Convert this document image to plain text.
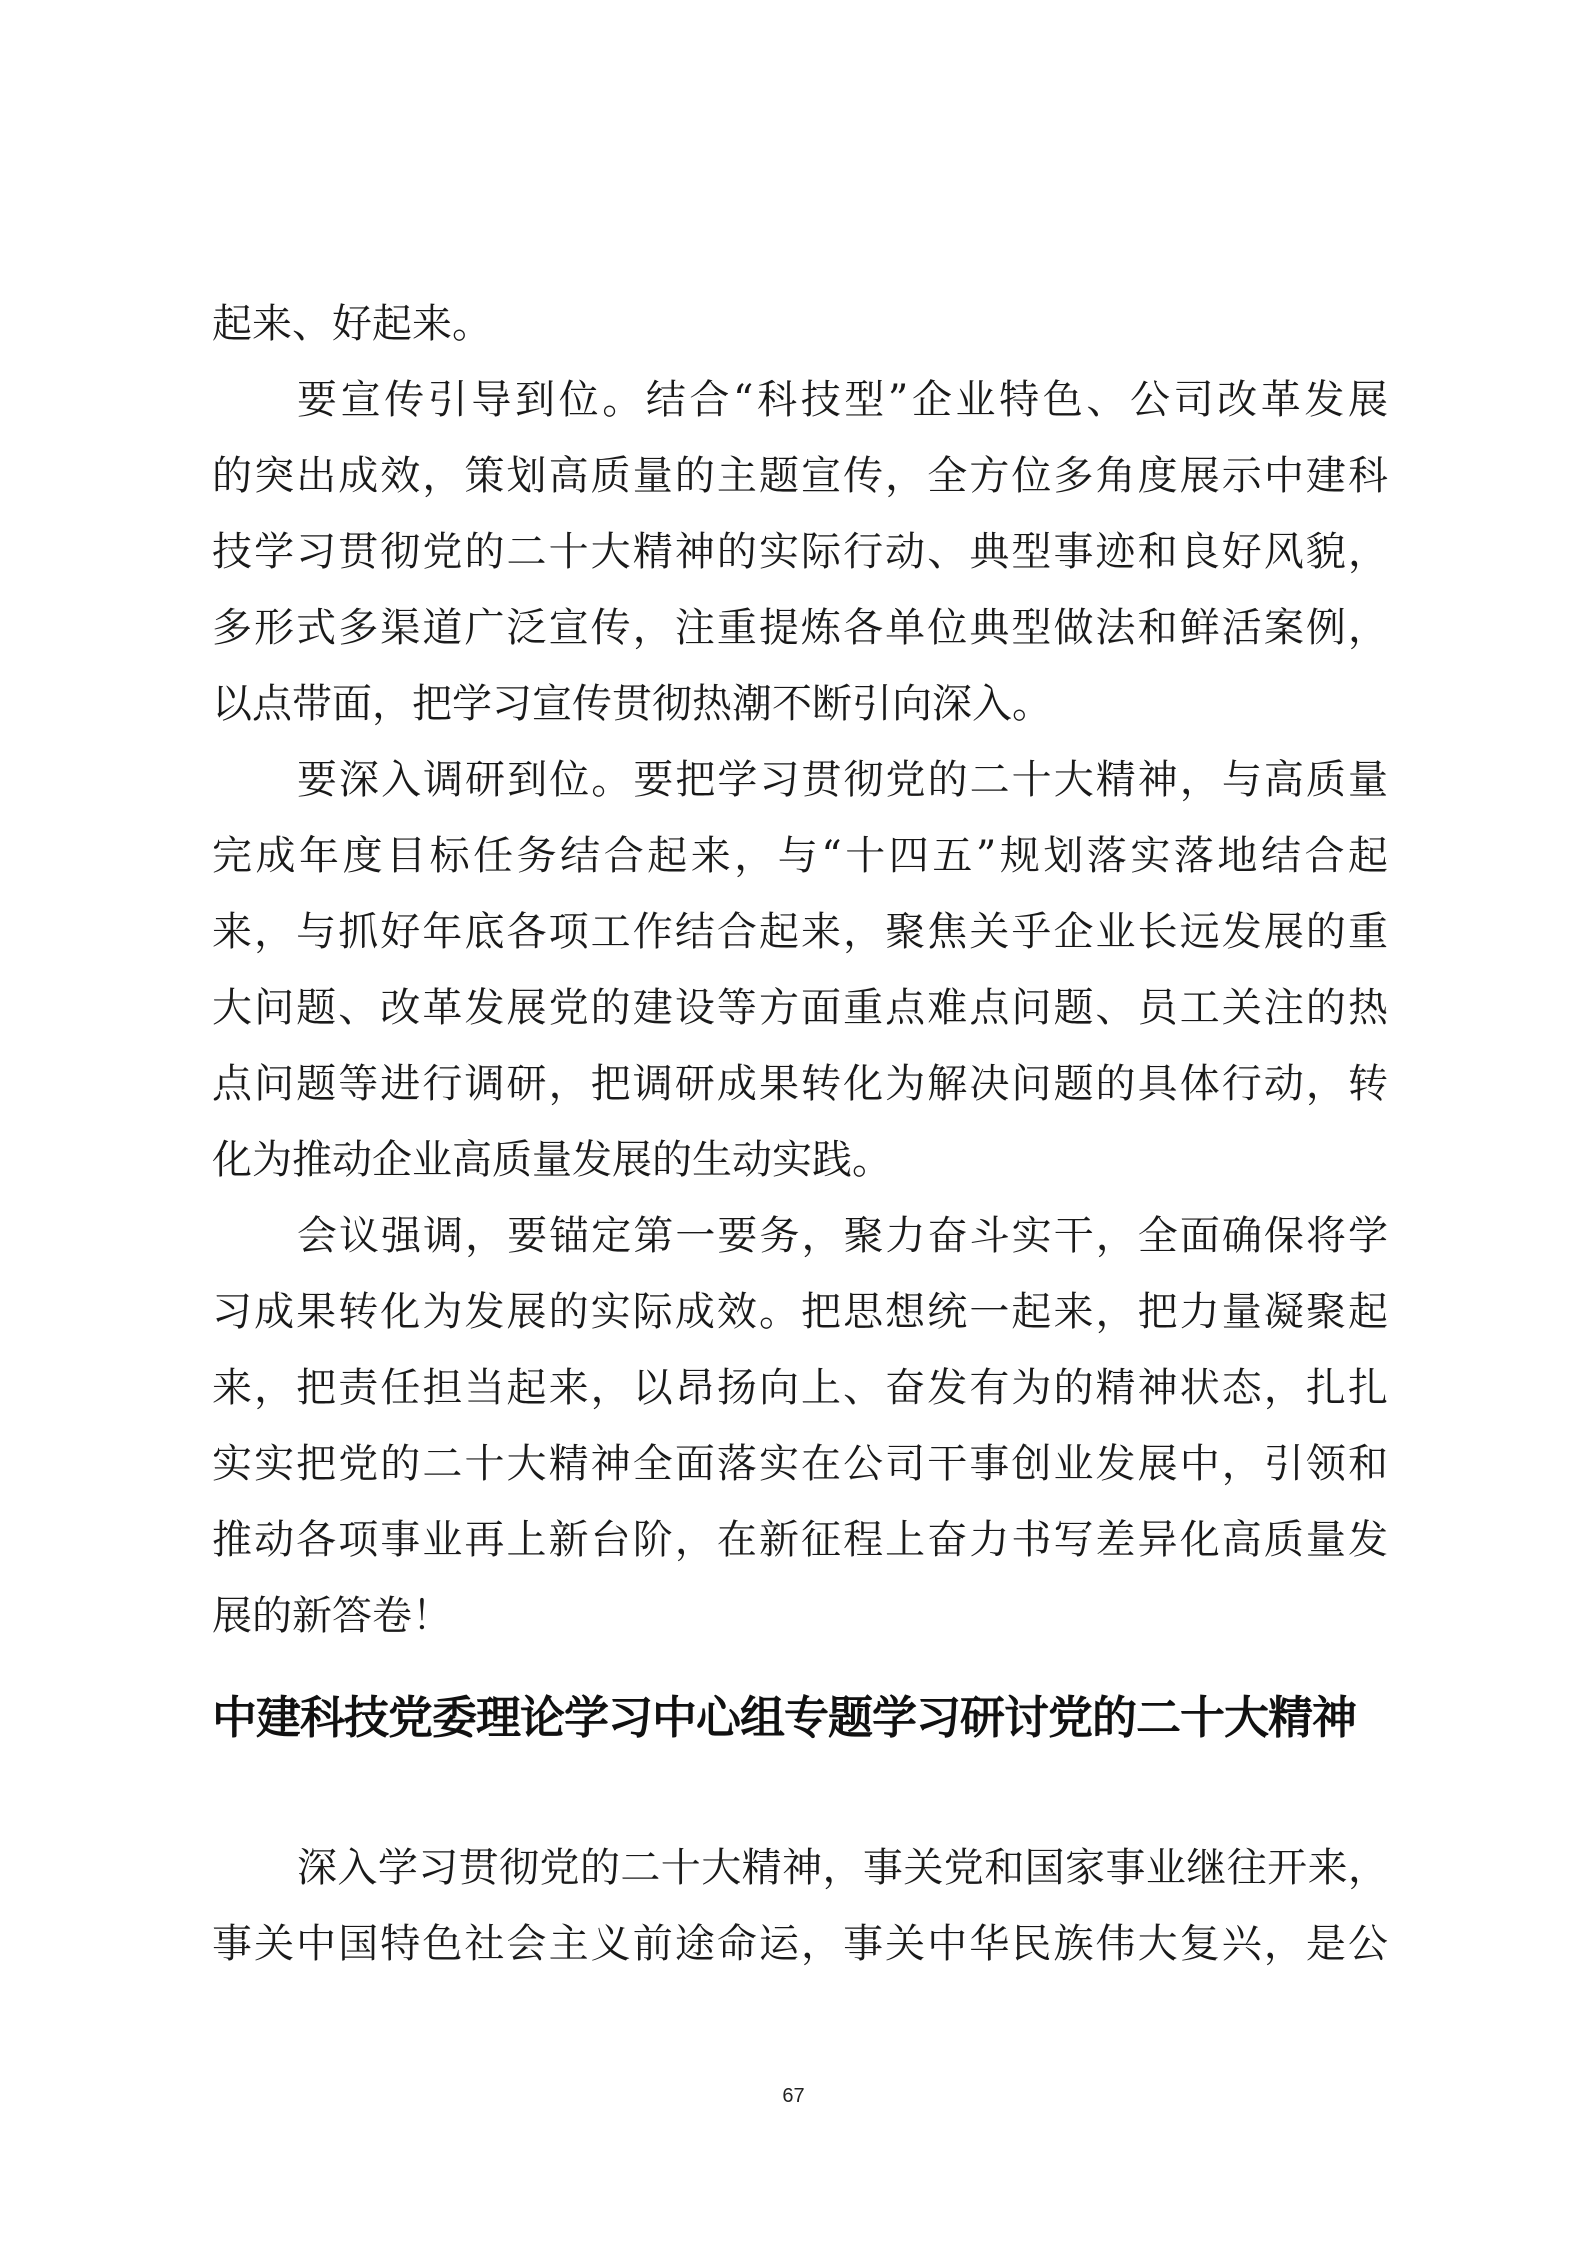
起来、好起来。
要宣传引导到位。结合“科技型”企业特色、公司改革发展
的突出成效，策划高质量的主题宣传，全方位多角度展示中建科
技学习贯彻党的二十大精神的实际行动、典型事迹和良好风貌，
多形式多渠道广泛宣传，注重提炼各单位典型做法和鲜活案例，
以点带面，把学习宣传贯彻热潮不断引向深入。
要深入调研到位。要把学习贯彻党的二十大精神，与高质量
完成年度目标任务结合起来，与“十四五”规划落实落地结合起
来，与抓好年底各项工作结合起来，聚焦关乎企业长远发展的重
大问题、改革发展党的建设等方面重点难点问题、员工关注的热
点问题等进行调研，把调研成果转化为解决问题的具体行动，转
化为推动企业高质量发展的生动实践。
会议强调，要锚定第一要务，聚力奋斗实干，全面确保将学
习成果转化为发展的实际成效。把思想统一起来，把力量凝聚起
来，把责任担当起来，以昂扬向上、奋发有为的精神状态，扎扎
实实把党的二十大精神全面落实在公司干事创业发展中，引领和
推动各项事业再上新台阶，在新征程上奋力书写差异化高质量发
展的新答卷！
中建科技党委理论学习中心组专题学习研讨党的二十大精神
深入学习贯彻党的二十大精神，事关党和国家事业继往开来，
事关中国特色社会主义前途命运，事关中华民族伟大复兴，是公
67
